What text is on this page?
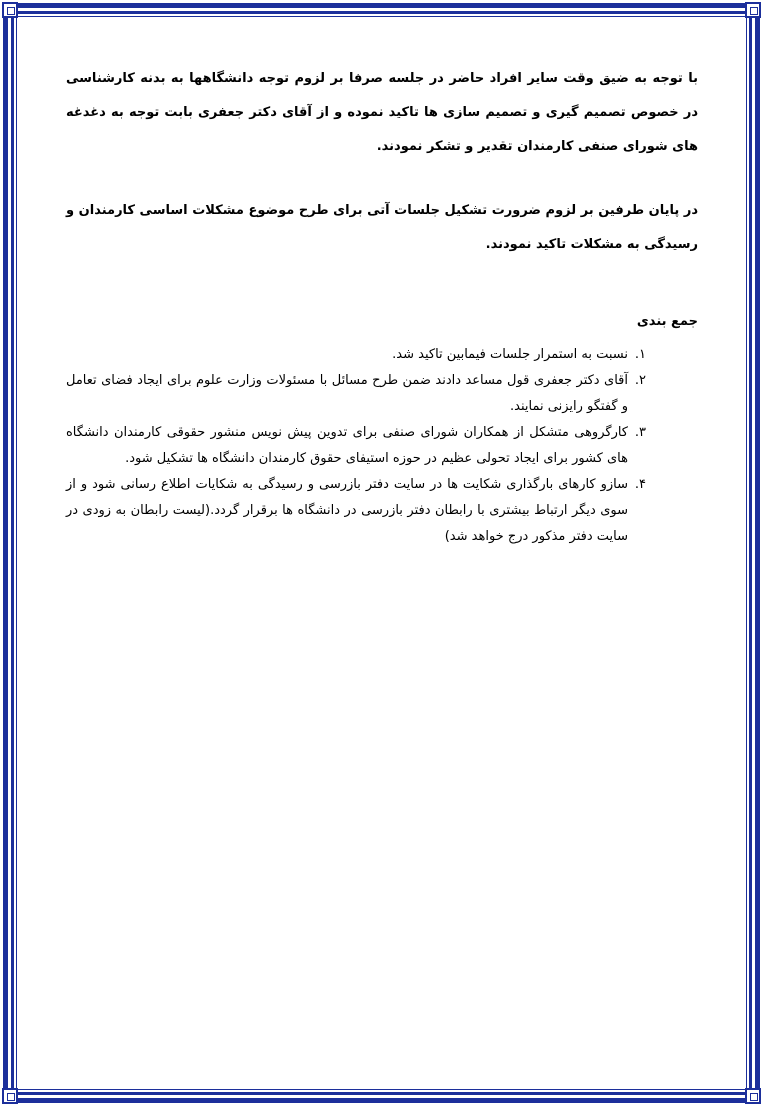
با توجه به ضیق وقت سایر افراد حاضر در جلسه صرفا بر لزوم توجه دانشگاهها به بدنه کارشناسی در خصوص تصمیم گیری و تصمیم سازی ها تاکید نموده و از آقای دکتر جعفری بابت توجه به دغدغه های شورای صنفی کارمندان تقدیر و تشکر نمودند.

در پایان طرفین بر لزوم ضرورت تشکیل جلسات آتی برای طرح موضوع مشکلات اساسی کارمندان و رسیدگی به مشکلات تاکید نمودند.

جمع بندی
۱.
نسبت به استمرار جلسات فیمابین تاکید شد.
۲.
آقای دکتر جعفری قول مساعد دادند ضمن طرح مسائل با مسئولات وزارت علوم برای ایجاد فضای تعامل و گفتگو رایزنی نمایند.
۳.
کارگروهی متشکل از همکاران شورای صنفی برای تدوین پیش نویس منشور حقوقی کارمندان دانشگاه های کشور برای ایجاد تحولی عظیم در حوزه استیفای حقوق کارمندان دانشگاه ها تشکیل شود.
۴.
سازو کارهای بارگذاری شکایت ها در سایت دفتر بازرسی و رسیدگی به شکایات اطلاع رسانی شود و از سوی دیگر ارتباط بیشتری با رابطان دفتر بازرسی در دانشگاه ها برقرار گردد.(لیست رابطان به زودی در سایت دفتر مذکور درج خواهد شد)
